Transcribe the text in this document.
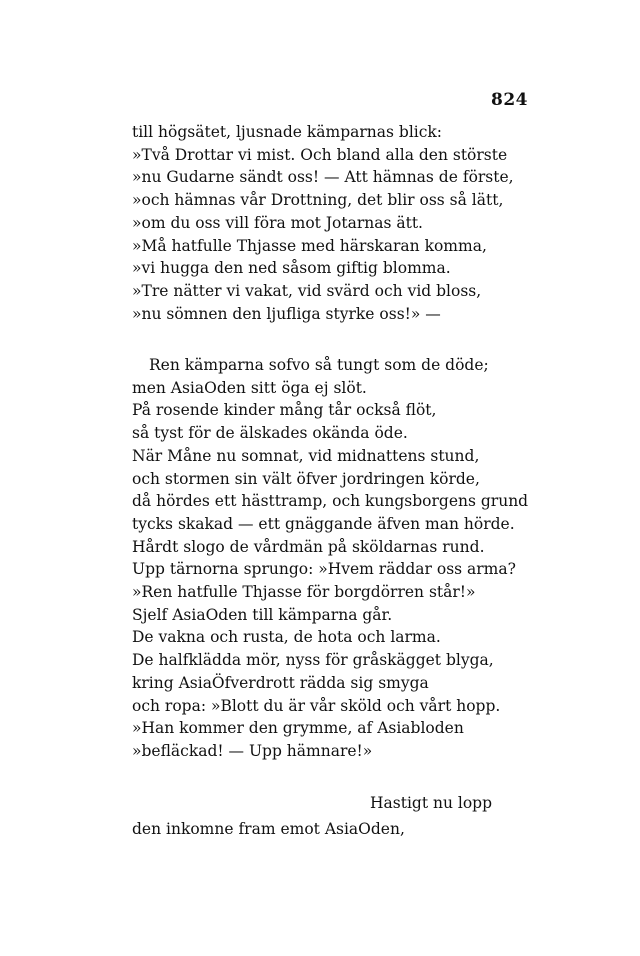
824
till högsätet, ljusnade kämparnas blick:
»Två Drottar vi mist. Och bland alla den störste
»nu Gudarne sändt oss! — Att hämnas de förste,
»och hämnas vår Drottning, det blir oss så lätt,
»om du oss vill föra mot Jotarnas ätt.
»Må hatfulle Thjasse med härskaran komma,
»vi hugga den ned såsom giftig blomma.
»Tre nätter vi vakat, vid svärd och vid bloss,
»nu sömnen den ljufliga styrke oss!» —
Ren kämparna sofvo så tungt som de döde;
men AsiaOden sitt öga ej slöt.
På rosende kinder mång tår också flöt,
så tyst för de älskades okända öde.
När Måne nu somnat, vid midnattens stund,
och stormen sin vält öfver jordringen körde,
då hördes ett hästtramp, och kungsborgens grund
tycks skakad — ett gnäggande äfven man hörde.
Hårdt slogo de vårdmän på sköldarnas rund.
Upp tärnorna sprungo: »Hvem räddar oss arma?
»Ren hatfulle Thjasse för borgdörren står!»
Sjelf AsiaOden till kämparna går.
De vakna och rusta, de hota och larma.
De halfklädda mör, nyss för gråskägget blyga,
kring AsiaÖfverdrott rädda sig smyga
och ropa: »Blott du är vår sköld och vårt hopp.
»Han kommer den grymme, af Asiabloden
»befläckad! — Upp hämnare!»
Hastigt nu lopp
den inkomne fram emot AsiaOden,
